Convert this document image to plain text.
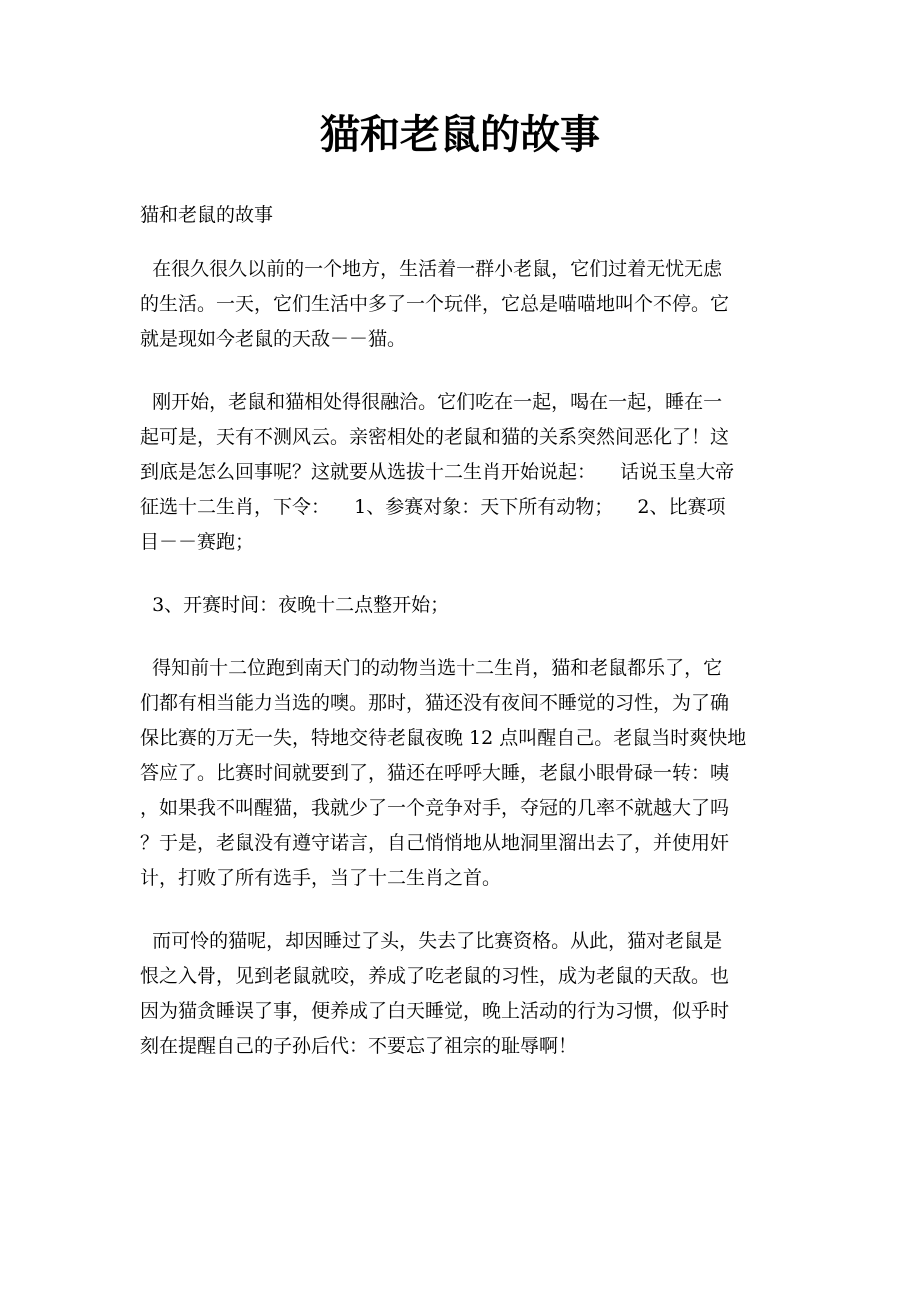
猫和老鼠的故事
猫和老鼠的故事
在很久很久以前的一个地方，生活着一群小老鼠，它们过着无忧无虑
的生活。一天，它们生活中多了一个玩伴，它总是喵喵地叫个不停。它
就是现如今老鼠的天敌－－猫。
刚开始，老鼠和猫相处得很融洽。它们吃在一起，喝在一起，睡在一
起可是，天有不测风云。亲密相处的老鼠和猫的关系突然间恶化了！这
到底是怎么回事呢？这就要从选拔十二生肖开始说起：    话说玉皇大帝
征选十二生肖，下令：    1、参赛对象：天下所有动物；    2、比赛项
目－－赛跑；
3、开赛时间：夜晚十二点整开始；
得知前十二位跑到南天门的动物当选十二生肖，猫和老鼠都乐了，它
们都有相当能力当选的噢。那时，猫还没有夜间不睡觉的习性，为了确
保比赛的万无一失，特地交待老鼠夜晚 12 点叫醒自己。老鼠当时爽快地
答应了。比赛时间就要到了，猫还在呼呼大睡，老鼠小眼骨碌一转：咦
，如果我不叫醒猫，我就少了一个竞争对手，夺冠的几率不就越大了吗
？于是，老鼠没有遵守诺言，自己悄悄地从地洞里溜出去了，并使用奸
计，打败了所有选手，当了十二生肖之首。
而可怜的猫呢，却因睡过了头，失去了比赛资格。从此，猫对老鼠是
恨之入骨，见到老鼠就咬，养成了吃老鼠的习性，成为老鼠的天敌。也
因为猫贪睡误了事，便养成了白天睡觉，晚上活动的行为习惯，似乎时
刻在提醒自己的子孙后代：不要忘了祖宗的耻辱啊！
